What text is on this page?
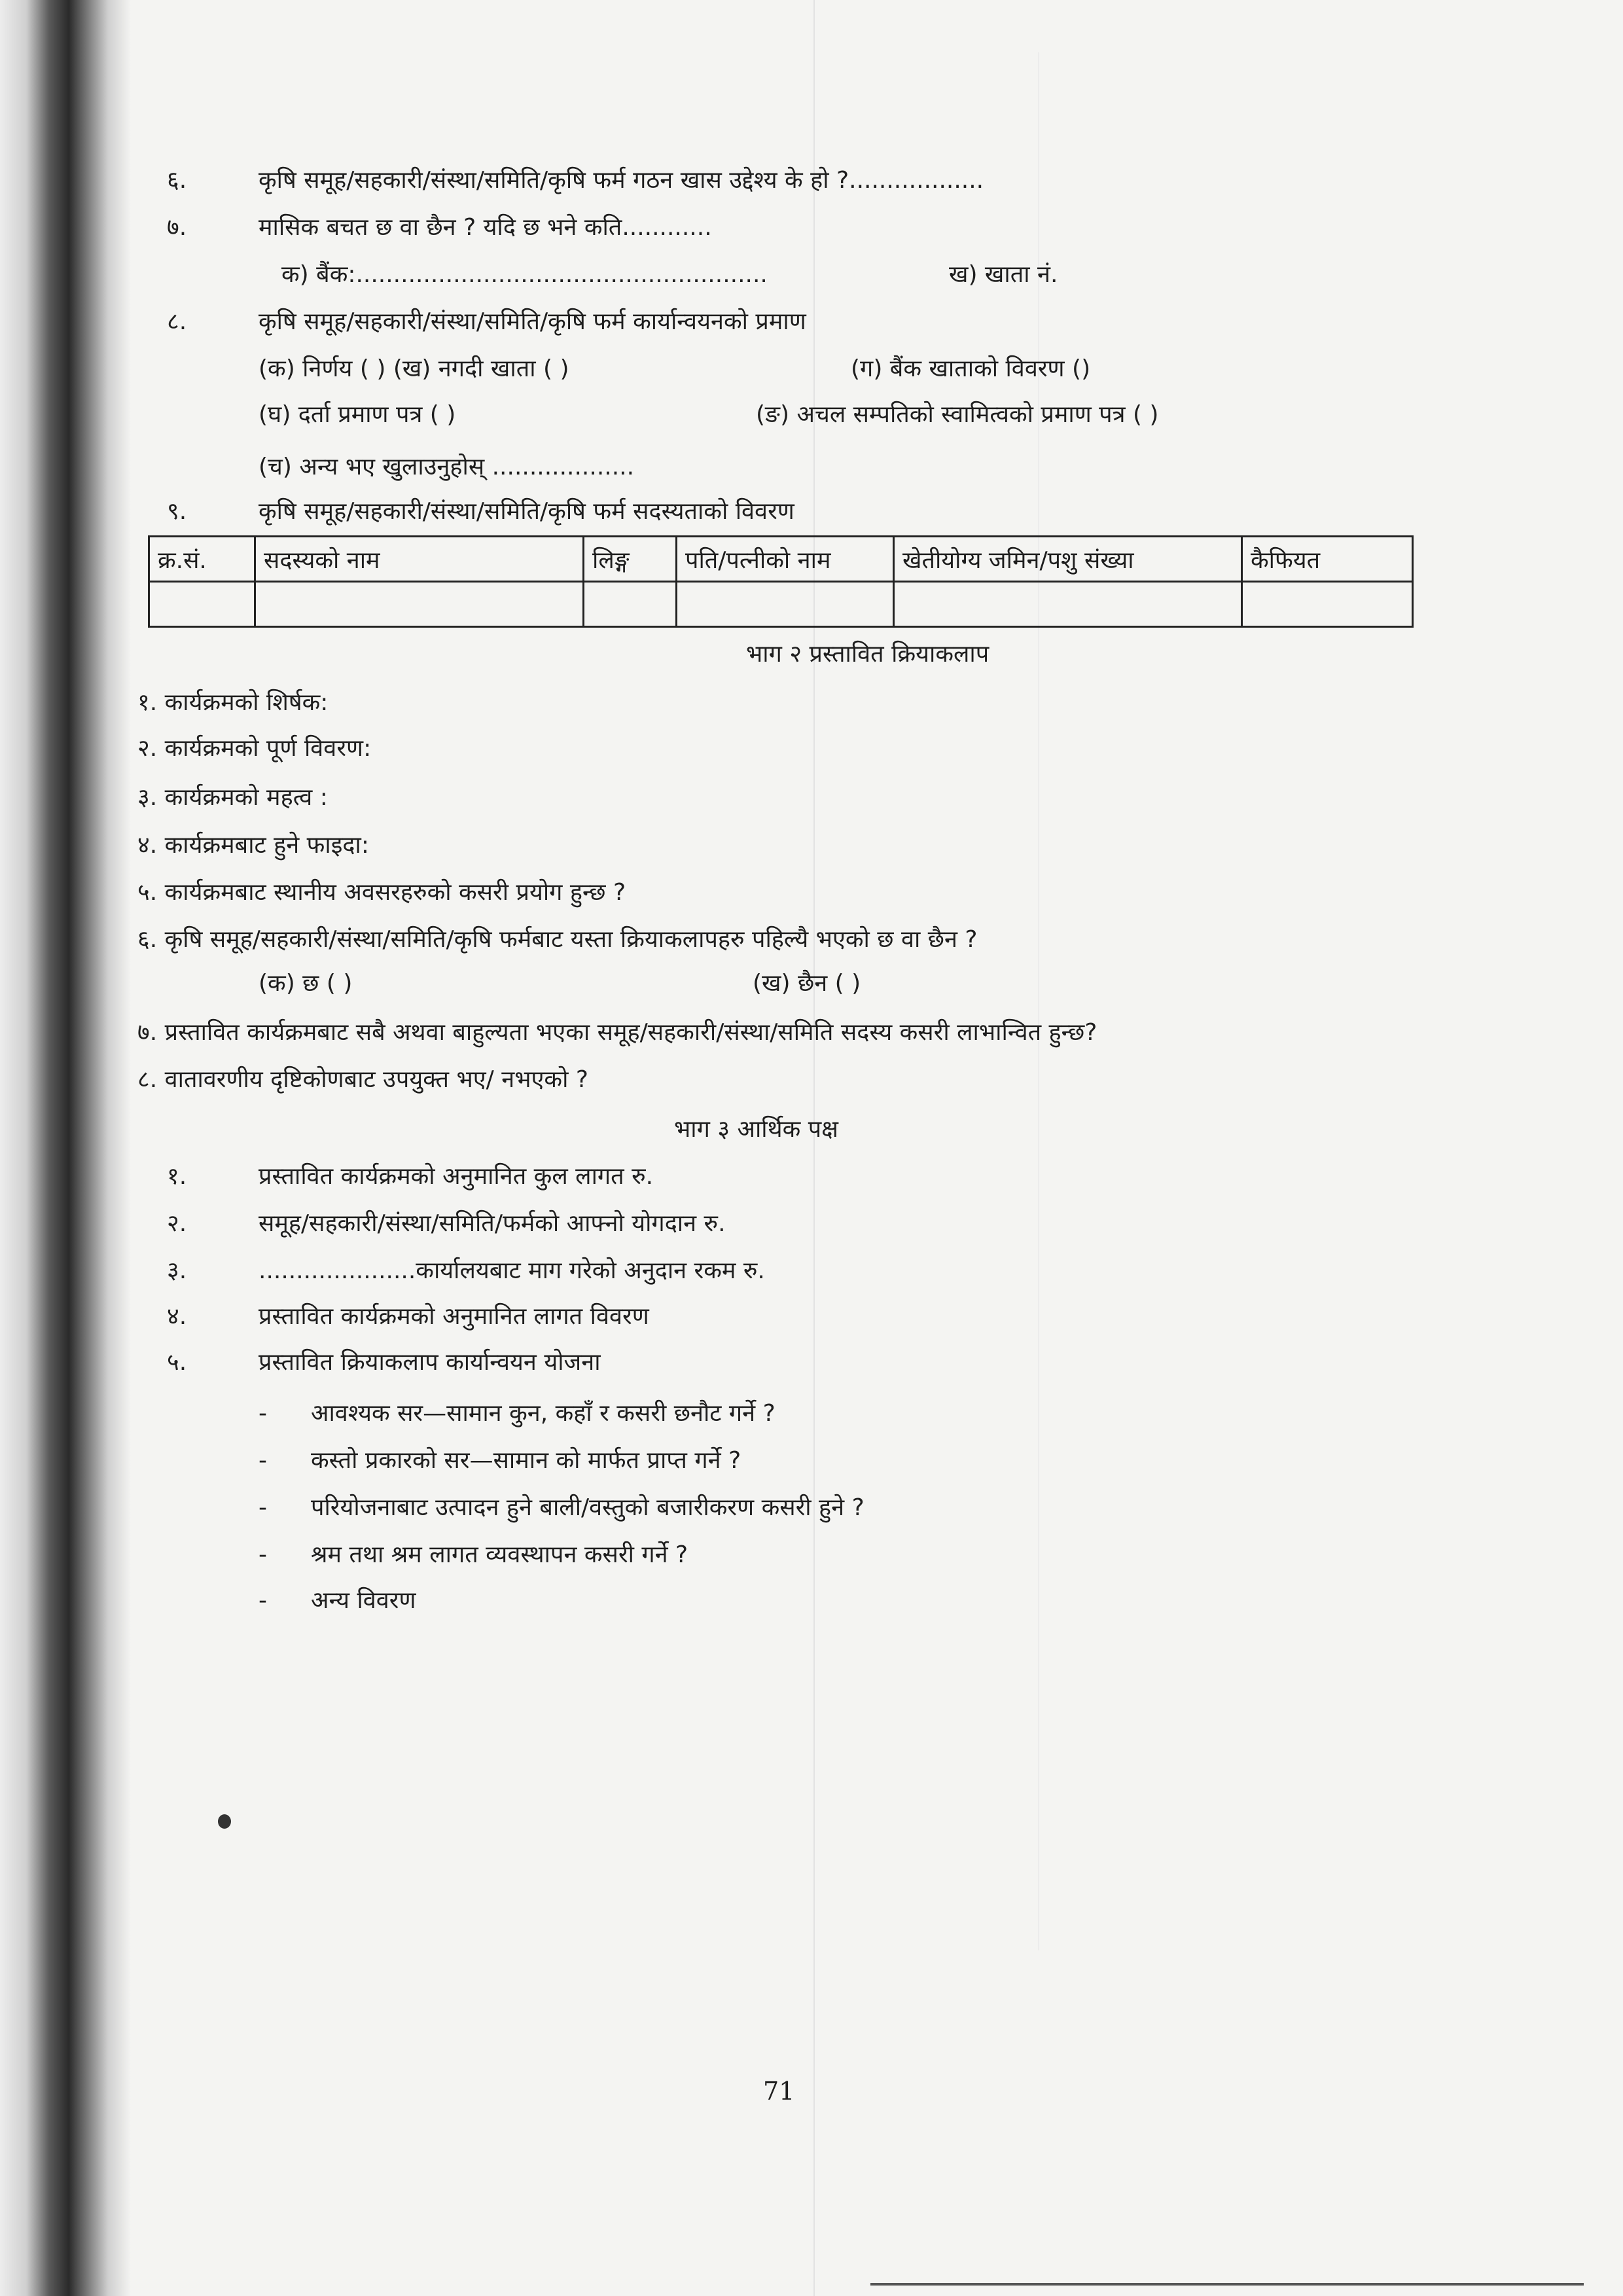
६.	कृषि समूह/सहकारी/संस्था/समिति/कृषि फर्म गठन खास उद्देश्य के हो ?..................
७.	मासिक बचत छ वा छैन ? यदि छ भने कति............
क) बैंक:.......................................................	ख) खाता नं.
८.	कृषि समूह/सहकारी/संस्था/समिति/कृषि फर्म कार्यान्वयनको प्रमाण
(क) निर्णय ( ) (ख) नगदी खाता ( )	(ग) बैंक खाताको विवरण ()
(घ) दर्ता प्रमाण पत्र ( )	(ङ) अचल सम्पतिको स्वामित्वको प्रमाण पत्र ( )
(च) अन्य भए खुलाउनुहोस् ...................
९.	कृषि समूह/सहकारी/संस्था/समिति/कृषि फर्म सदस्यताको विवरण
क्र.सं.	सदस्यको नाम	लिङ्ग	पति/पत्नीको नाम	खेतीयोग्य जमिन/पशु संख्या	कैफियत

भाग २ प्रस्तावित क्रियाकलाप
१. कार्यक्रमको शिर्षक:
२. कार्यक्रमको पूर्ण विवरण:
३. कार्यक्रमको महत्व :
४. कार्यक्रमबाट हुने फाइदा:
५. कार्यक्रमबाट स्थानीय अवसरहरुको कसरी प्रयोग हुन्छ ?
६. कृषि समूह/सहकारी/संस्था/समिति/कृषि फर्मबाट यस्ता क्रियाकलापहरु पहिल्यै भएको छ वा छैन ?
(क) छ ( )	(ख) छैन ( )
७. प्रस्तावित कार्यक्रमबाट सबै अथवा बाहुल्यता भएका समूह/सहकारी/संस्था/समिति सदस्य कसरी लाभान्वित हुन्छ?
८. वातावरणीय दृष्टिकोणबाट उपयुक्त भए/ नभएको ?
भाग ३ आर्थिक पक्ष
१.	प्रस्तावित कार्यक्रमको अनुमानित कुल लागत रु.
२.	समूह/सहकारी/संस्था/समिति/फर्मको आफ्नो योगदान रु.
३.	.....................कार्यालयबाट माग गरेको अनुदान रकम रु.
४.	प्रस्तावित कार्यक्रमको अनुमानित लागत विवरण
५.	प्रस्तावित क्रियाकलाप कार्यान्वयन योजना
- आवश्यक सर—सामान कुन, कहाँ र कसरी छनौट गर्ने ?
- कस्तो प्रकारको सर—सामान को मार्फत प्राप्त गर्ने ?
- परियोजनाबाट उत्पादन हुने बाली/वस्तुको बजारीकरण कसरी हुने ?
- श्रम तथा श्रम लागत व्यवस्थापन कसरी गर्ने ?
- अन्य विवरण
71
